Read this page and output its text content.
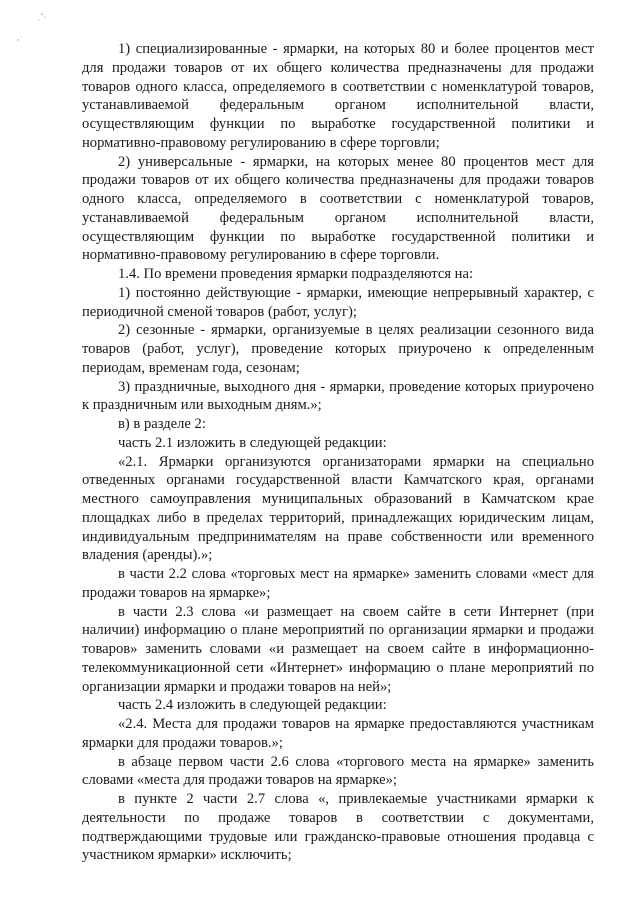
1) специализированные - ярмарки, на которых 80 и более процентов мест для продажи товаров от их общего количества предназначены для продажи товаров одного класса, определяемого в соответствии с номенклатурой товаров, устанавливаемой федеральным органом исполнительной власти, осуществляющим функции по выработке государственной политики и нормативно-правовому регулированию в сфере торговли;

2) универсальные - ярмарки, на которых менее 80 процентов мест для продажи товаров от их общего количества предназначены для продажи товаров одного класса, определяемого в соответствии с номенклатурой товаров, устанавливаемой федеральным органом исполнительной власти, осуществляющим функции по выработке государственной политики и нормативно-правовому регулированию в сфере торговли.

1.4. По времени проведения ярмарки подразделяются на:

1) постоянно действующие - ярмарки, имеющие непрерывный характер, с периодичной сменой товаров (работ, услуг);

2) сезонные - ярмарки, организуемые в целях реализации сезонного вида товаров (работ, услуг), проведение которых приурочено к определенным периодам, временам года, сезонам;

3) праздничные, выходного дня - ярмарки, проведение которых приурочено к праздничным или выходным дням.»;

в) в разделе 2:

часть 2.1 изложить в следующей редакции:

«2.1. Ярмарки организуются организаторами ярмарки на специально отведенных органами государственной власти Камчатского края, органами местного самоуправления муниципальных образований в Камчатском крае площадках либо в пределах территорий, принадлежащих юридическим лицам, индивидуальным предпринимателям на праве собственности или временного владения (аренды).»;

в части 2.2 слова «торговых мест на ярмарке» заменить словами «мест для продажи товаров на ярмарке»;

в части 2.3 слова «и размещает на своем сайте в сети Интернет (при наличии) информацию о плане мероприятий по организации ярмарки и продажи товаров» заменить словами «и размещает на своем сайте в информационно-телекоммуникационной сети «Интернет» информацию о плане мероприятий по организации ярмарки и продажи товаров на ней»;

часть 2.4 изложить в следующей редакции:

«2.4. Места для продажи товаров на ярмарке предоставляются участникам ярмарки для продажи товаров.»;

в абзаце первом части 2.6 слова «торгового места на ярмарке» заменить словами «места для продажи товаров на ярмарке»;

в пункте 2 части 2.7 слова «, привлекаемые участниками ярмарки к деятельности по продаже товаров в соответствии с документами, подтверждающими трудовые или гражданско-правовые отношения продавца с участником ярмарки» исключить;
